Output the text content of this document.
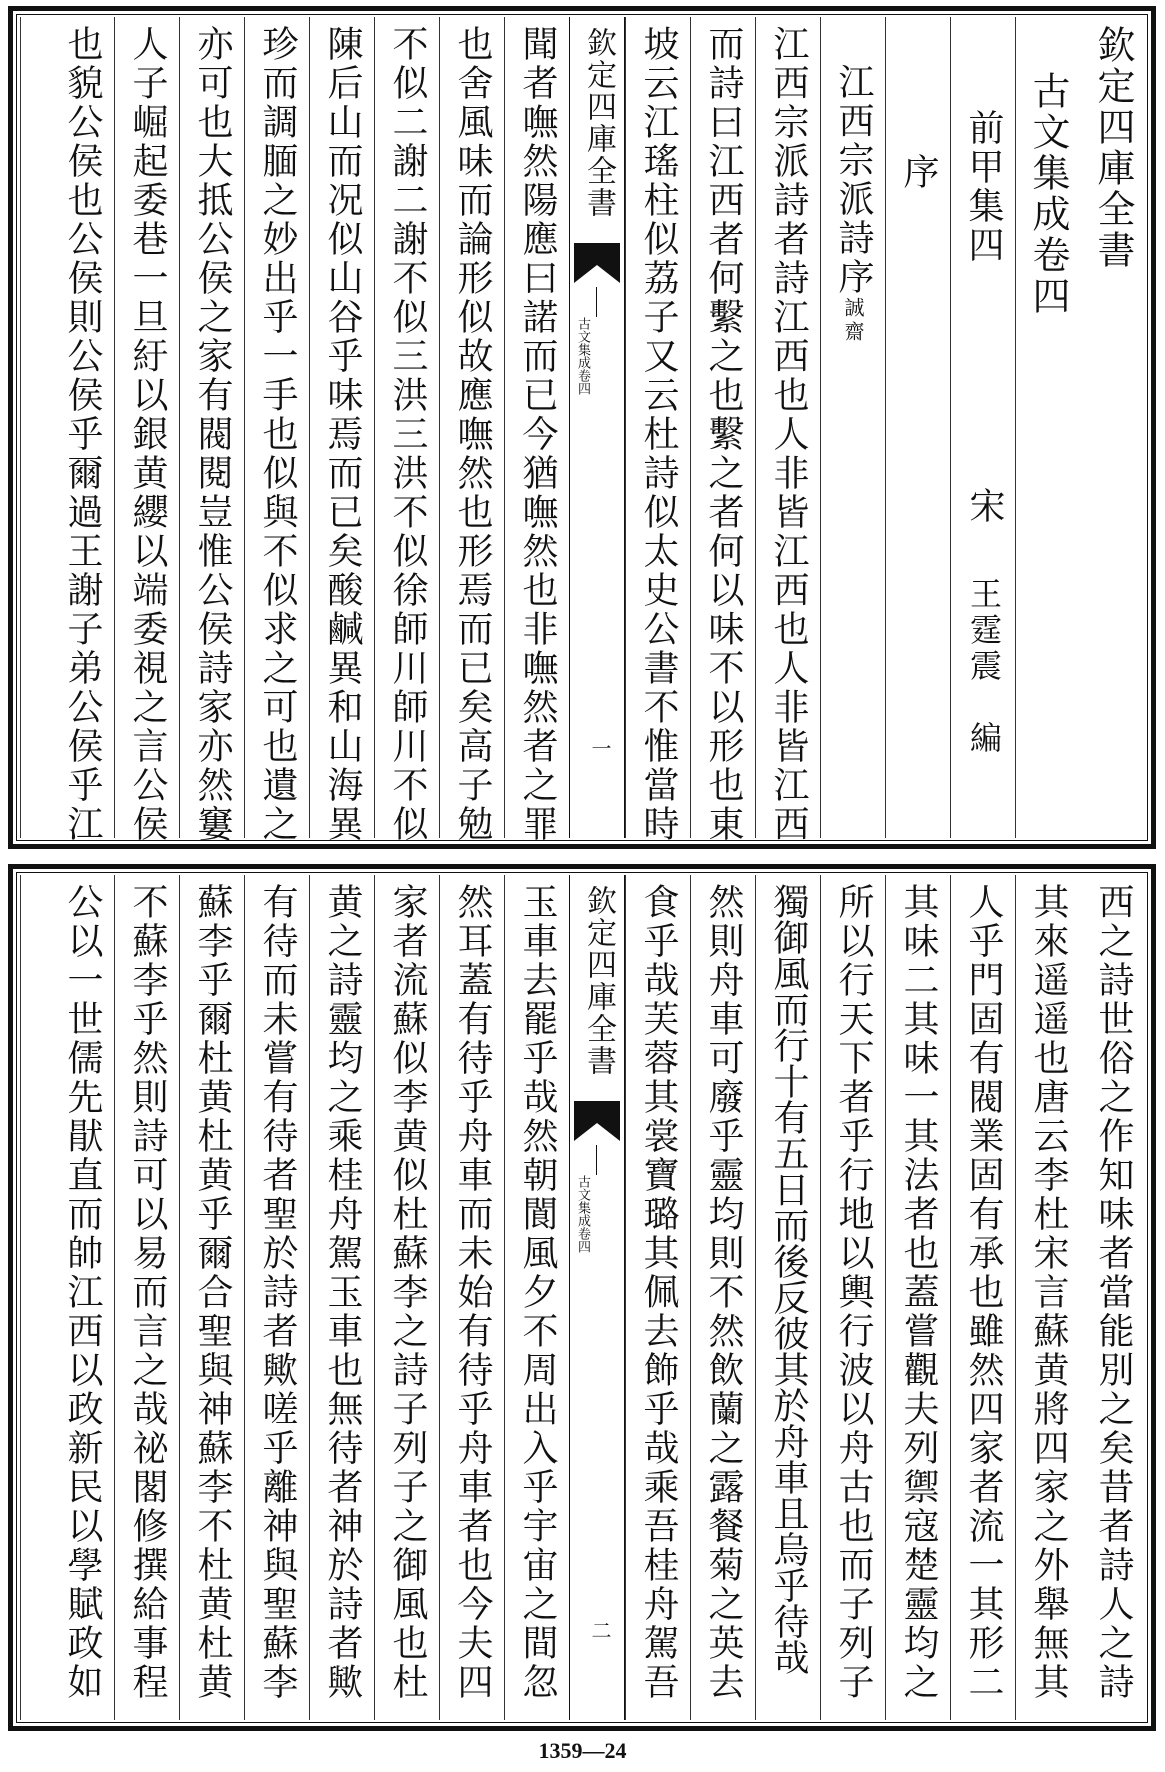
欽定四庫全書
古文集成卷四
宋
王霆震　編
前甲集四
序
江西宗派詩序誠齋
江西宗派詩者詩江西也人非皆江西也人非皆江西
而詩曰江西者何繫之也繫之者何以味不以形也東
坡云江瑤柱似荔子又云杜詩似太史公書不惟當時
欽定四庫全書
古文集成卷四
一
聞者嘸然陽應曰諾而已今猶嘸然也非嘸然者之罪
也舍風味而論形似故應嘸然也形焉而已矣高子勉
不似二謝二謝不似三洪三洪不似徐師川師川不似
陳后山而况似山谷乎味焉而已矣酸鹹異和山海異
珍而調腼之妙出乎一手也似與不似求之可也遺之
亦可也大抵公侯之家有閥閱豈惟公侯詩家亦然窶
人子崛起委巷一旦紆以銀黄纓以端委視之言公侯
也貌公侯也公侯則公侯乎爾過王謝子弟公侯乎江
西之詩世俗之作知味者當能別之矣昔者詩人之詩
其來遥遥也唐云李杜宋言蘇黄將四家之外舉無其
人乎門固有閥業固有承也雖然四家者流一其形二
其味二其味一其法者也蓋嘗觀夫列禦寇楚靈均之
所以行天下者乎行地以輿行波以舟古也而子列子
獨御風而行十有五日而後反彼其於舟車且烏乎待哉
然則舟車可廢乎靈均則不然飲蘭之露餐菊之英去
食乎哉芙蓉其裳寶璐其佩去飾乎哉乘吾桂舟駕吾
欽定四庫全書
古文集成卷四
二
玉車去罷乎哉然朝閬風夕不周出入乎宇宙之間忽
然耳蓋有待乎舟車而未始有待乎舟車者也今夫四
家者流蘇似李黄似杜蘇李之詩子列子之御風也杜
黄之詩靈均之乘桂舟駕玉車也無待者神於詩者歟
有待而未嘗有待者聖於詩者歟嗟乎離神與聖蘇李
蘇李乎爾杜黄杜黄乎爾合聖與神蘇李不杜黄杜黄
不蘇李乎然則詩可以易而言之哉祕閣修撰給事程
公以一世儒先猒直而帥江西以政新民以學賦政如
1359—24
